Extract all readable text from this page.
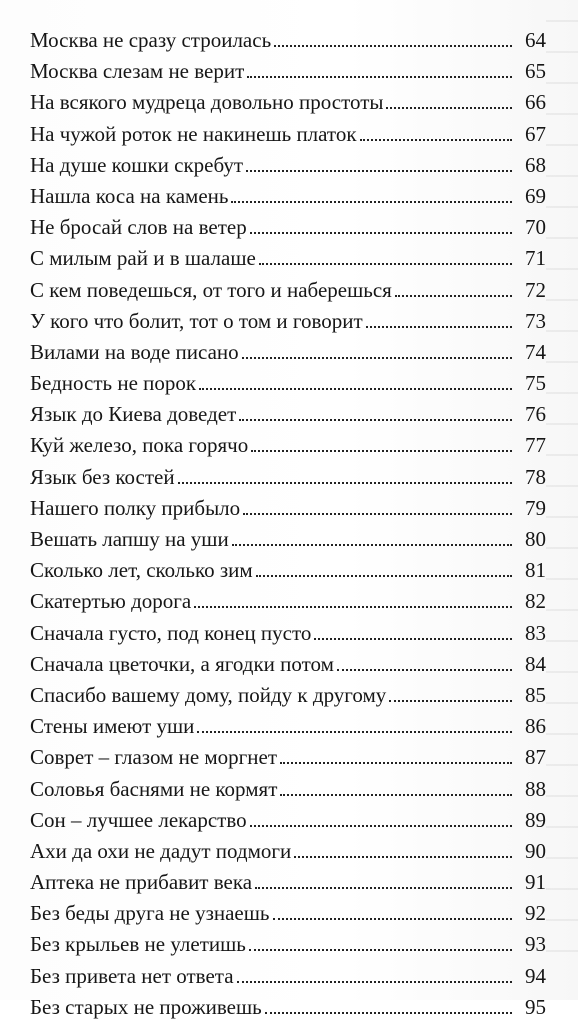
Москва не сразу строилась	64
Москва слезам не верит	65
На всякого мудреца довольно простоты	66
На чужой роток не накинешь платок	67
На душе кошки скребут	68
Нашла коса на камень	69
Не бросай слов на ветер	70
С милым рай и в шалаше	71
С кем поведешься, от того и наберешься	72
У кого что болит, тот о том и говорит	73
Вилами на воде писано	74
Бедность не порок	75
Язык до Киева доведет	76
Куй железо, пока горячо	77
Язык без костей	78
Нашего полку прибыло	79
Вешать лапшу на уши	80
Сколько лет, сколько зим	81
Скатертью дорога	82
Сначала густо, под конец пусто	83
Сначала цветочки, а ягодки потом	84
Спасибо вашему дому, пойду к другому	85
Стены имеют уши	86
Соврет – глазом не моргнет	87
Соловья баснями не кормят	88
Сон – лучшее лекарство	89
Ахи да охи не дадут подмоги	90
Аптека не прибавит века	91
Без беды друга не узнаешь	92
Без крыльев не улетишь	93
Без привета нет ответа	94
Без старых не проживешь	95
